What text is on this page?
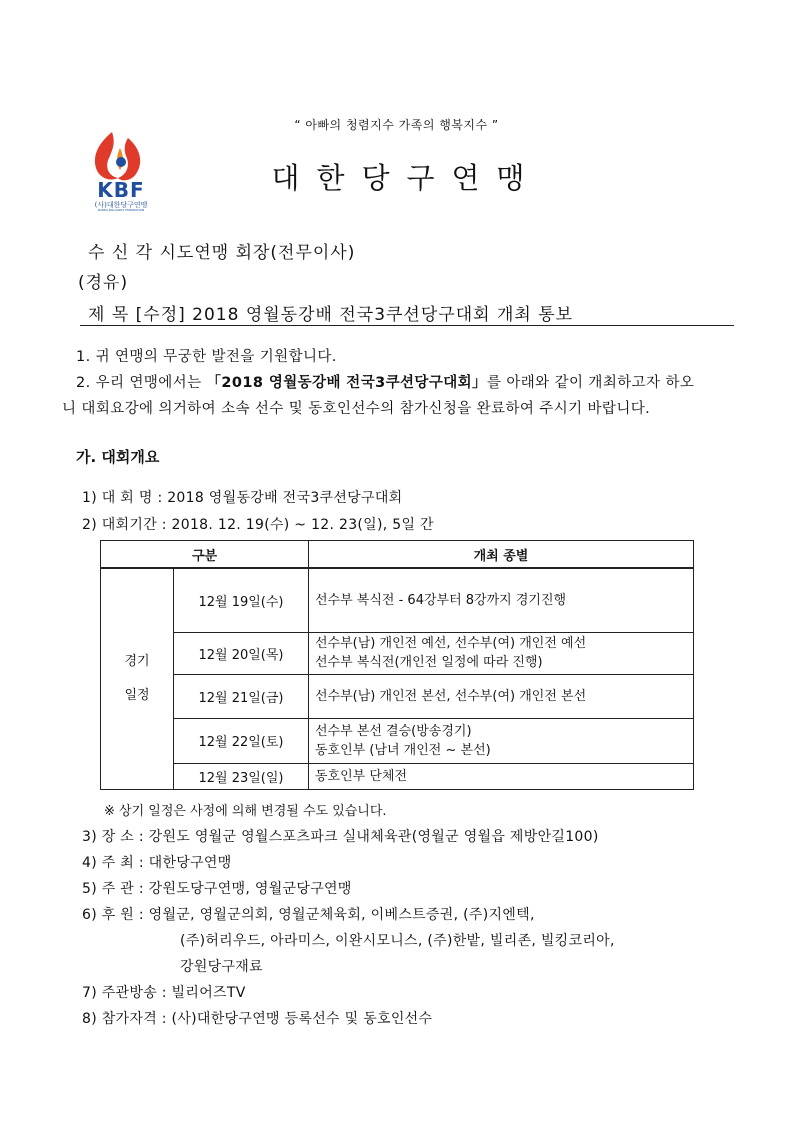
“ 아빠의 청렴지수 가족의 행복지수 ”
KBF
(사)대한당구연맹
KOREA BILLIARDS FEDERATION
대한당구연맹
수 신 각 시도연맹 회장(전무이사)
(경유)
제 목 [수정] 2018 영월동강배 전국3쿠션당구대회 개최 통보
1. 귀 연맹의 무궁한 발전을 기원합니다.
2. 우리 연맹에서는 「2018 영월동강배 전국3쿠션당구대회」를 아래와 같이 개최하고자 하오
니 대회요강에 의거하여 소속 선수 및 동호인선수의 참가신청을 완료하여 주시기 바랍니다.
가. 대회개요
1) 대 회 명 : 2018 영월동강배 전국3쿠션당구대회
2) 대회기간 : 2018. 12. 19(수) ~ 12. 23(일), 5일 간
구분		개최 종별
경기
일정	12월 19일(수)	선수부 복식전 - 64강부터 8강까지 경기진행
	12월 20일(목)	선수부(남) 개인전 예선, 선수부(여) 개인전 예선
선수부 복식전(개인전 일정에 따라 진행)
	12월 21일(금)	선수부(남) 개인전 본선, 선수부(여) 개인전 본선
	12월 22일(토)	선수부 본선 결승(방송경기)
동호인부 (남녀 개인전 ~ 본선)
	12월 23일(일)	동호인부 단체전
※ 상기 일정은 사정에 의해 변경될 수도 있습니다.
3) 장 소 : 강원도 영월군 영월스포츠파크 실내체육관(영월군 영월읍 제방안길100)
4) 주 최 : 대한당구연맹
5) 주 관 : 강원도당구연맹, 영월군당구연맹
6) 후 원 : 영월군, 영월군의회, 영월군체육회, 이베스트증권, (주)지엔텍,
(주)허리우드, 아라미스, 이완시모니스, (주)한밭, 빌리존, 빌킹코리아,
강원당구재료
7) 주관방송 : 빌리어즈TV
8) 참가자격 : (사)대한당구연맹 등록선수 및 동호인선수
